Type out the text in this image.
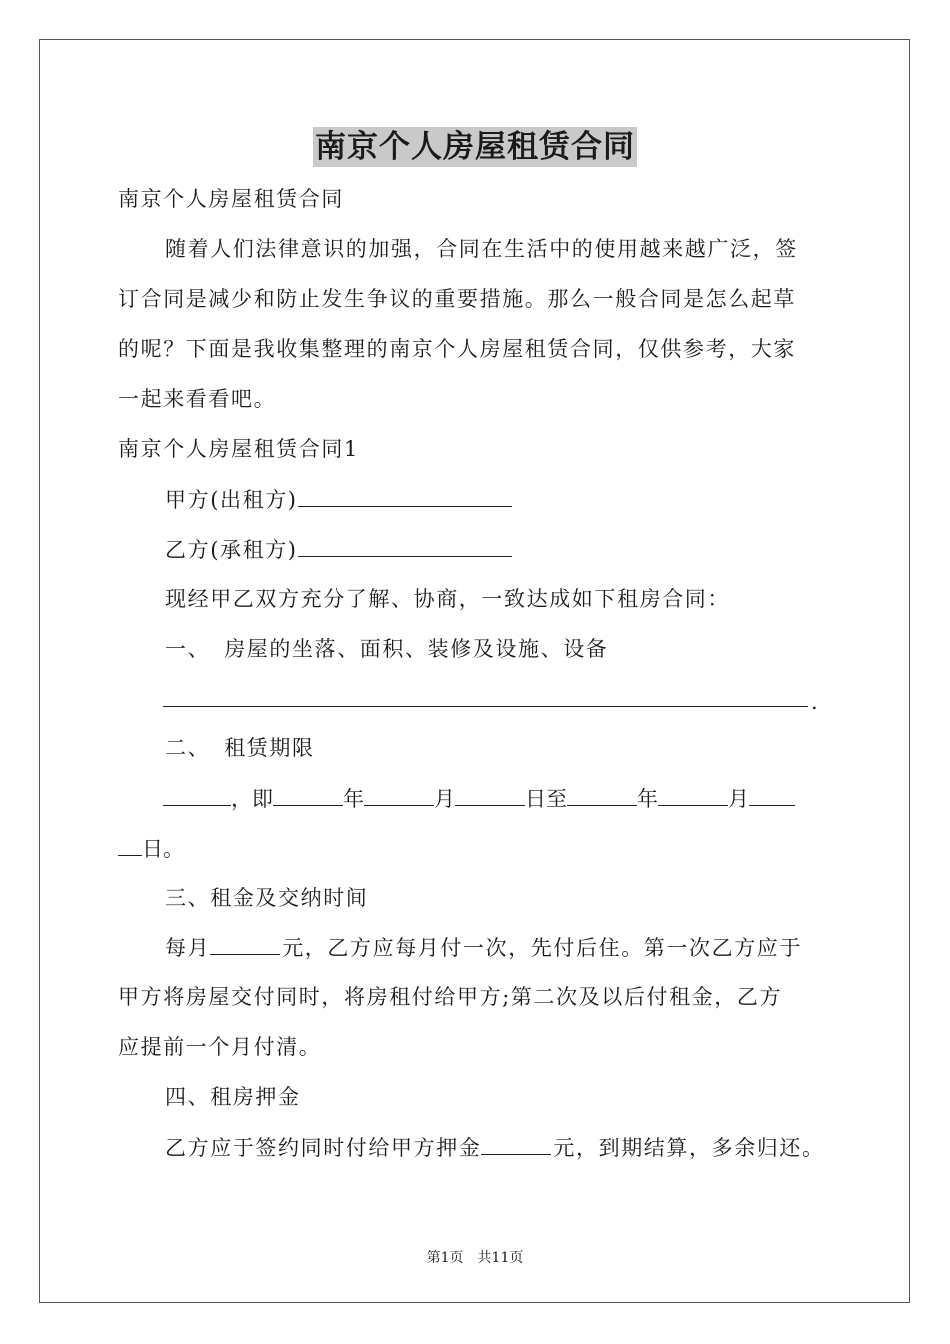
南京个人房屋租赁合同
南京个人房屋租赁合同
随着人们法律意识的加强，合同在生活中的使用越来越广泛，签
订合同是减少和防止发生争议的重要措施。那么一般合同是怎么起草
的呢？下面是我收集整理的南京个人房屋租赁合同，仅供参考，大家
一起来看看吧。
南京个人房屋租赁合同1
甲方(出租方)
乙方(承租方)
现经甲乙双方充分了解、协商，一致达成如下租房合同：
一、 房屋的坐落、面积、装修及设施、设备
.
二、 租赁期限
，即	年	月	日至	年	月
日。
三、租金及交纳时间
每月	元，乙方应每月付一次，先付后住。第一次乙方应于
甲方将房屋交付同时，将房租付给甲方;第二次及以后付租金，乙方
应提前一个月付清。
四、租房押金
乙方应于签约同时付给甲方押金	元，到期结算，多余归还。
第1页 共11页
